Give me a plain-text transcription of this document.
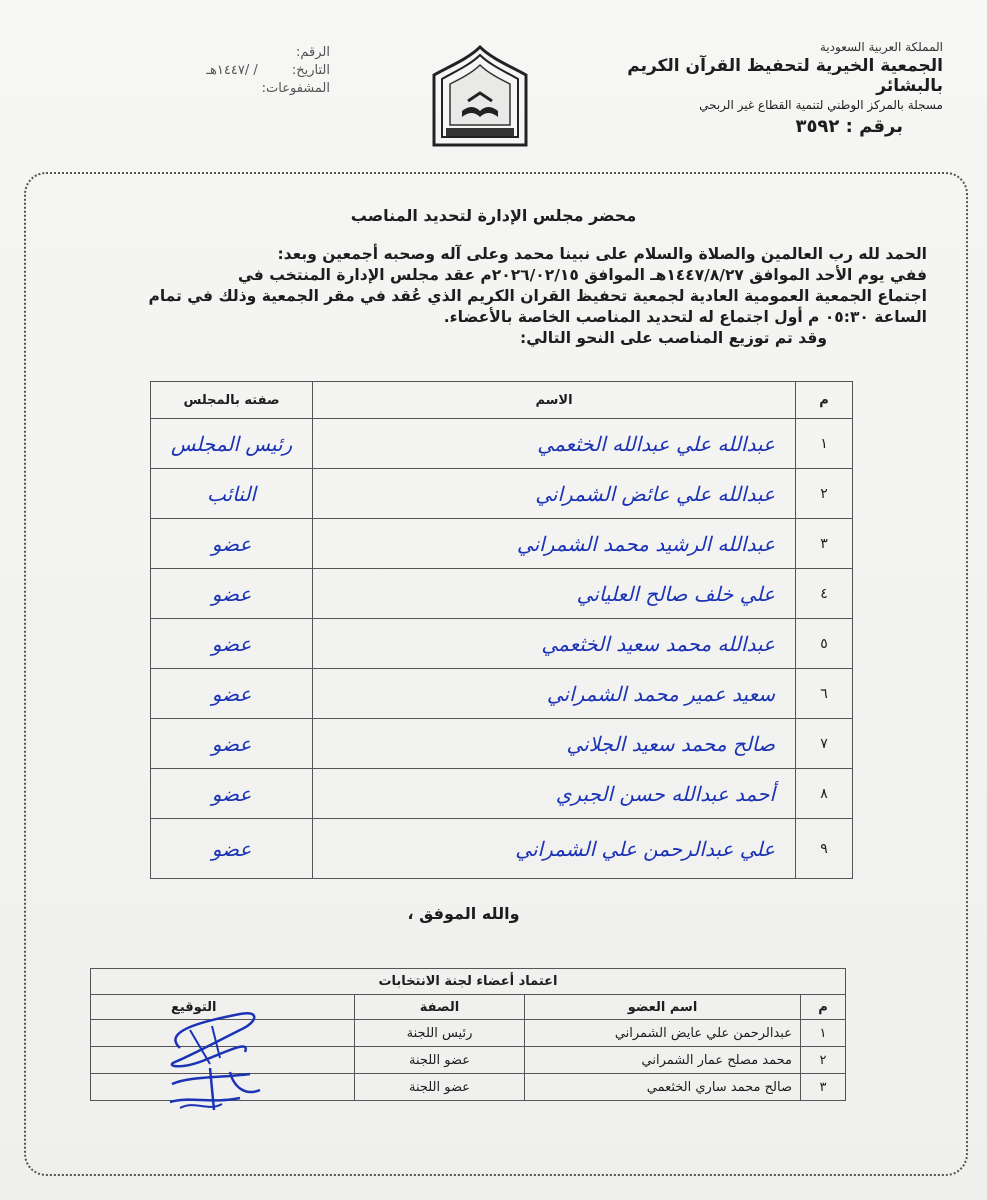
المملكة العربية السعودية
الجمعية الخيرية لتحفيظ القرآن الكريم بالبشائر
مسجلة بالمركز الوطني لتنمية القطاع غير الربحي
برقم : ٣٥٩٢
الرقم:
التاريخ: / /١٤٤٧هـ
المشفوعات:
محضر مجلس الإدارة لتحديد المناصب

الحمد لله رب العالمين والصلاة والسلام على نبينا محمد وعلى آله وصحبه أجمعين وبعد:

ففي يوم الأحد الموافق ١٤٤٧/٨/٢٧هـ الموافق ٢٠٢٦/٠٢/١٥م عقد مجلس الإدارة المنتخب في

اجتماع الجمعية العمومية العادية لجمعية تحفيظ القران الكريم الذي عُقد في مقر الجمعية وذلك في تمام

الساعة ٠٥:٣٠ م أول اجتماع له لتحديد المناصب الخاصة بالأعضاء.

وقد تم توزيع المناصب على النحو التالي:

م	الاسم	صفته بالمجلس
١	عبدالله علي عبدالله الخثعمي	رئيس المجلس
٢	عبدالله علي عائض الشمراني	النائب
٣	عبدالله الرشيد محمد الشمراني	عضو
٤	علي خلف صالح العلياني	عضو
٥	عبدالله محمد سعيد الخثعمي	عضو
٦	سعيد عمير محمد الشمراني	عضو
٧	صالح محمد سعيد الجلاني	عضو
٨	أحمد عبدالله حسن الجبري	عضو
٩	علي عبدالرحمن علي الشمراني	عضو
والله الموفق ،
اعتماد أعضاء لجنة الانتخابات			
م	اسم العضو	الصفة	التوقيع
١	عبدالرحمن علي عايض الشمراني	رئيس اللجنة	
٢	محمد مصلح عمار الشمراني	عضو اللجنة	
٣	صالح محمد ساري الخثعمي	عضو اللجنة	
